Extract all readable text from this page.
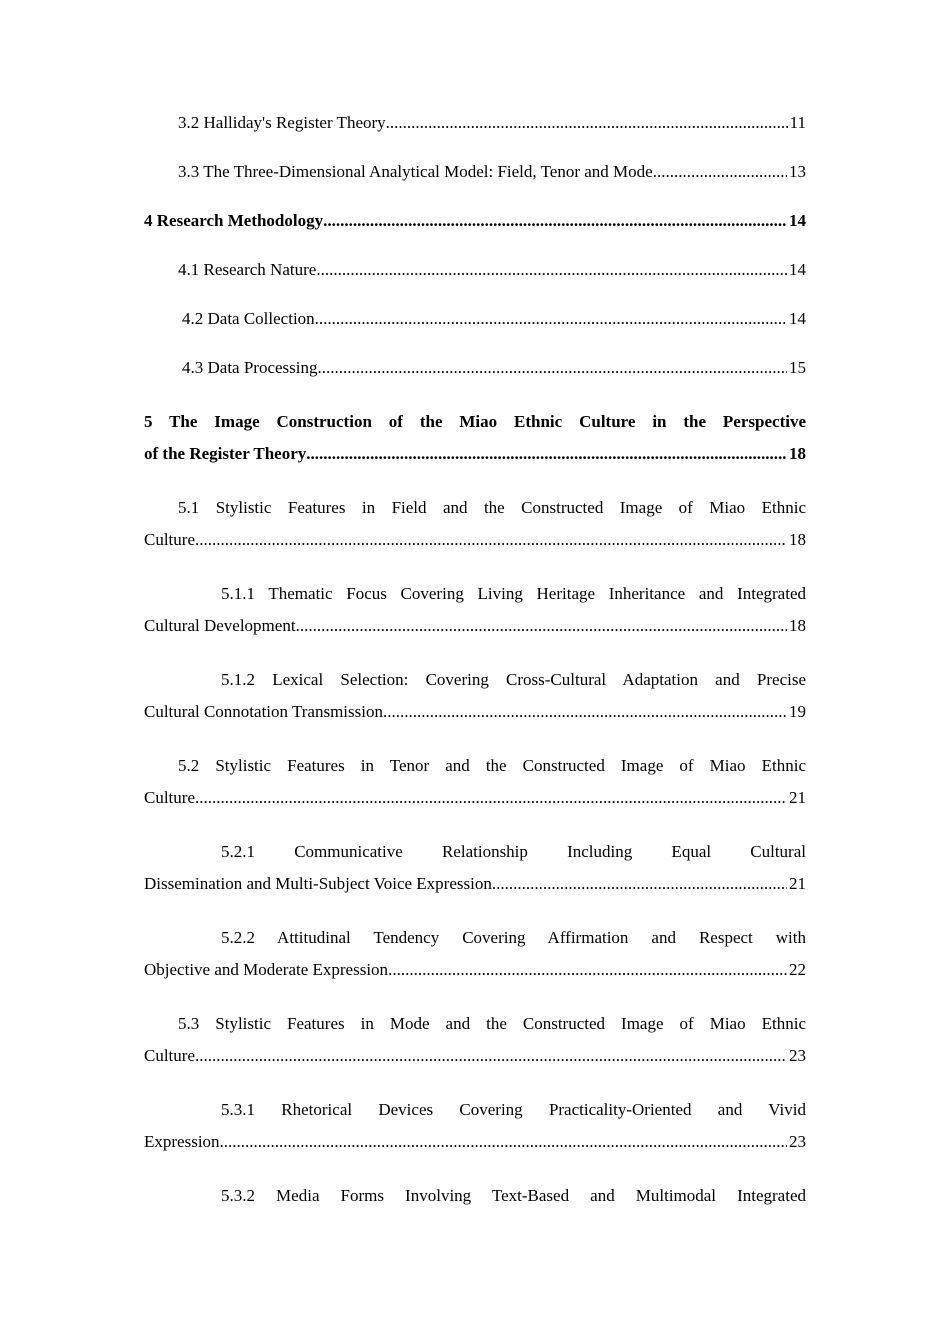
3.2 Halliday's Register Theory .....	11
3.3 The Three-Dimensional Analytical Model: Field, Tenor and Mode .....	13
4 Research Methodology .....	14
4.1 Research Nature .....	14
4.2 Data Collection .....	14
4.3 Data Processing .....	15
5 The Image Construction of the Miao Ethnic Culture in the Perspective
of the Register Theory .....	18
5.1 Stylistic Features in Field and the Constructed Image of Miao Ethnic
Culture .....	18
5.1.1 Thematic Focus Covering Living Heritage Inheritance and Integrated
Cultural Development .....	18
5.1.2 Lexical Selection: Covering Cross-Cultural Adaptation and Precise
Cultural Connotation Transmission .....	19
5.2 Stylistic Features in Tenor and the Constructed Image of Miao Ethnic
Culture .....	21
5.2.1 Communicative Relationship Including Equal Cultural
Dissemination and Multi-Subject Voice Expression .....	21
5.2.2 Attitudinal Tendency Covering Affirmation and Respect with
Objective and Moderate Expression .....	22
5.3 Stylistic Features in Mode and the Constructed Image of Miao Ethnic
Culture .....	23
5.3.1 Rhetorical Devices Covering Practicality-Oriented and Vivid
Expression .....	23
5.3.2 Media Forms Involving Text-Based and Multimodal Integrated
